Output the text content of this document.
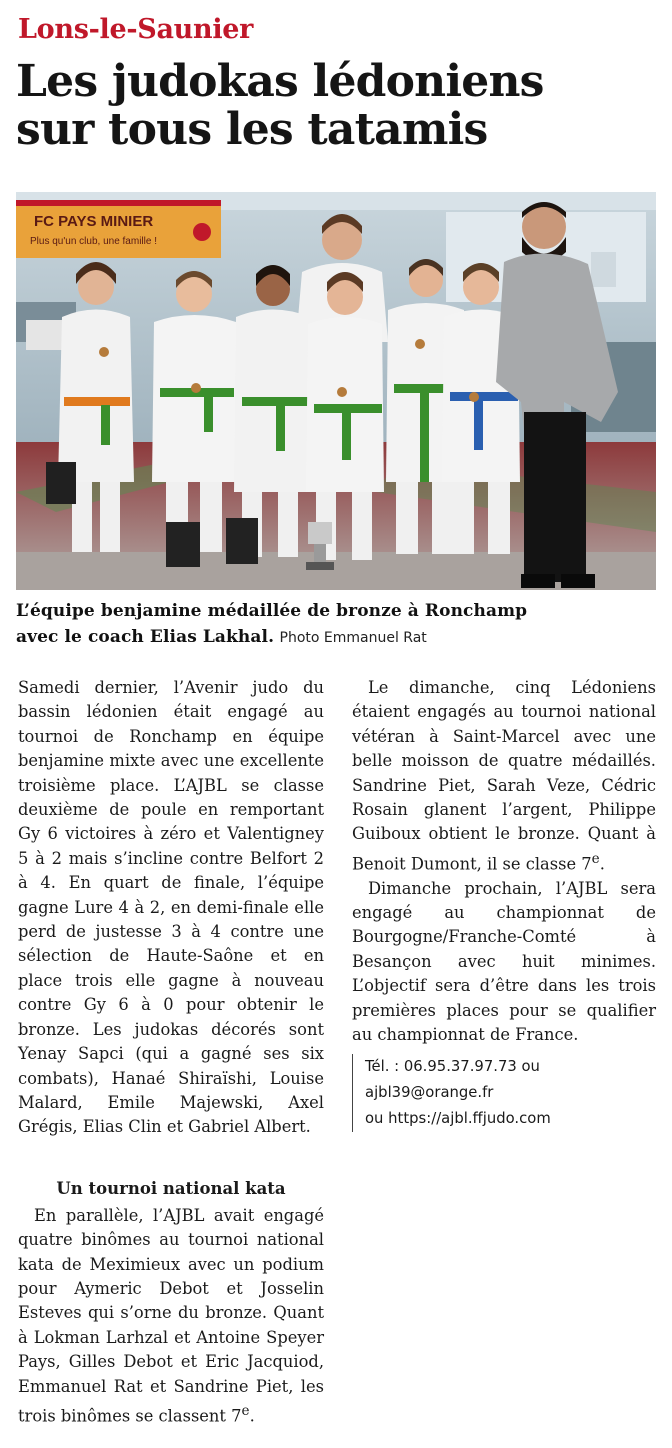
Lons-le-Saunier
Les judokas lédoniens
sur tous les tatamis
FC PAYS MINIER
Plus qu'un club, une famille !
L’équipe benjamine médaillée de bronze à Ronchamp
avec le coach Elias Lakhal. Photo Emmanuel Rat

Samedi dernier, l’Avenir judo du bassin lédonien était engagé au tournoi de Ronchamp en équipe benjamine mixte avec une excellente troisième place. L’AJBL se classe deuxième de poule en remportant Gy 6 victoires à zéro et Valentigney 5 à 2 mais s’incline contre Belfort 2 à 4. En quart de finale, l’équipe gagne Lure 4 à 2, en demi-finale elle perd de justesse 3 à 4 contre une sélection de Haute-Saône et en place trois elle gagne à nouveau contre Gy 6 à 0 pour obtenir le bronze. Les judokas décorés sont Yenay Sapci (qui a gagné ses six combats), Hanaé Shiraïshi, Louise Malard, Emile Majewski, Axel Grégis, Elias Clin et Gabriel Albert.

Un tournoi national kata

En parallèle, l’AJBL avait engagé quatre binômes au tournoi national kata de Meximieux avec un podium pour Aymeric Debot et Josselin Esteves qui s’orne du bronze. Quant à Lokman Larhzal et Antoine Speyer Pays, Gilles Debot et Eric Jacquiod, Emmanuel Rat et Sandrine Piet, les trois binômes se classent 7e.

Le dimanche, cinq Lédoniens étaient engagés au tournoi national vétéran à Saint-Marcel avec une belle moisson de quatre médaillés. Sandrine Piet, Sarah Veze, Cédric Rosain glanent l’argent, Philippe Guiboux obtient le bronze. Quant à Benoit Dumont, il se classe 7e.

Dimanche prochain, l’AJBL sera engagé au championnat de Bourgogne/Franche-Comté à Besançon avec huit minimes. L’objectif sera d’être dans les trois premières places pour se qualifier au championnat de France.

Tél. : 06.95.37.97.73 ou
ajbl39@orange.fr
ou https://ajbl.ffjudo.com
